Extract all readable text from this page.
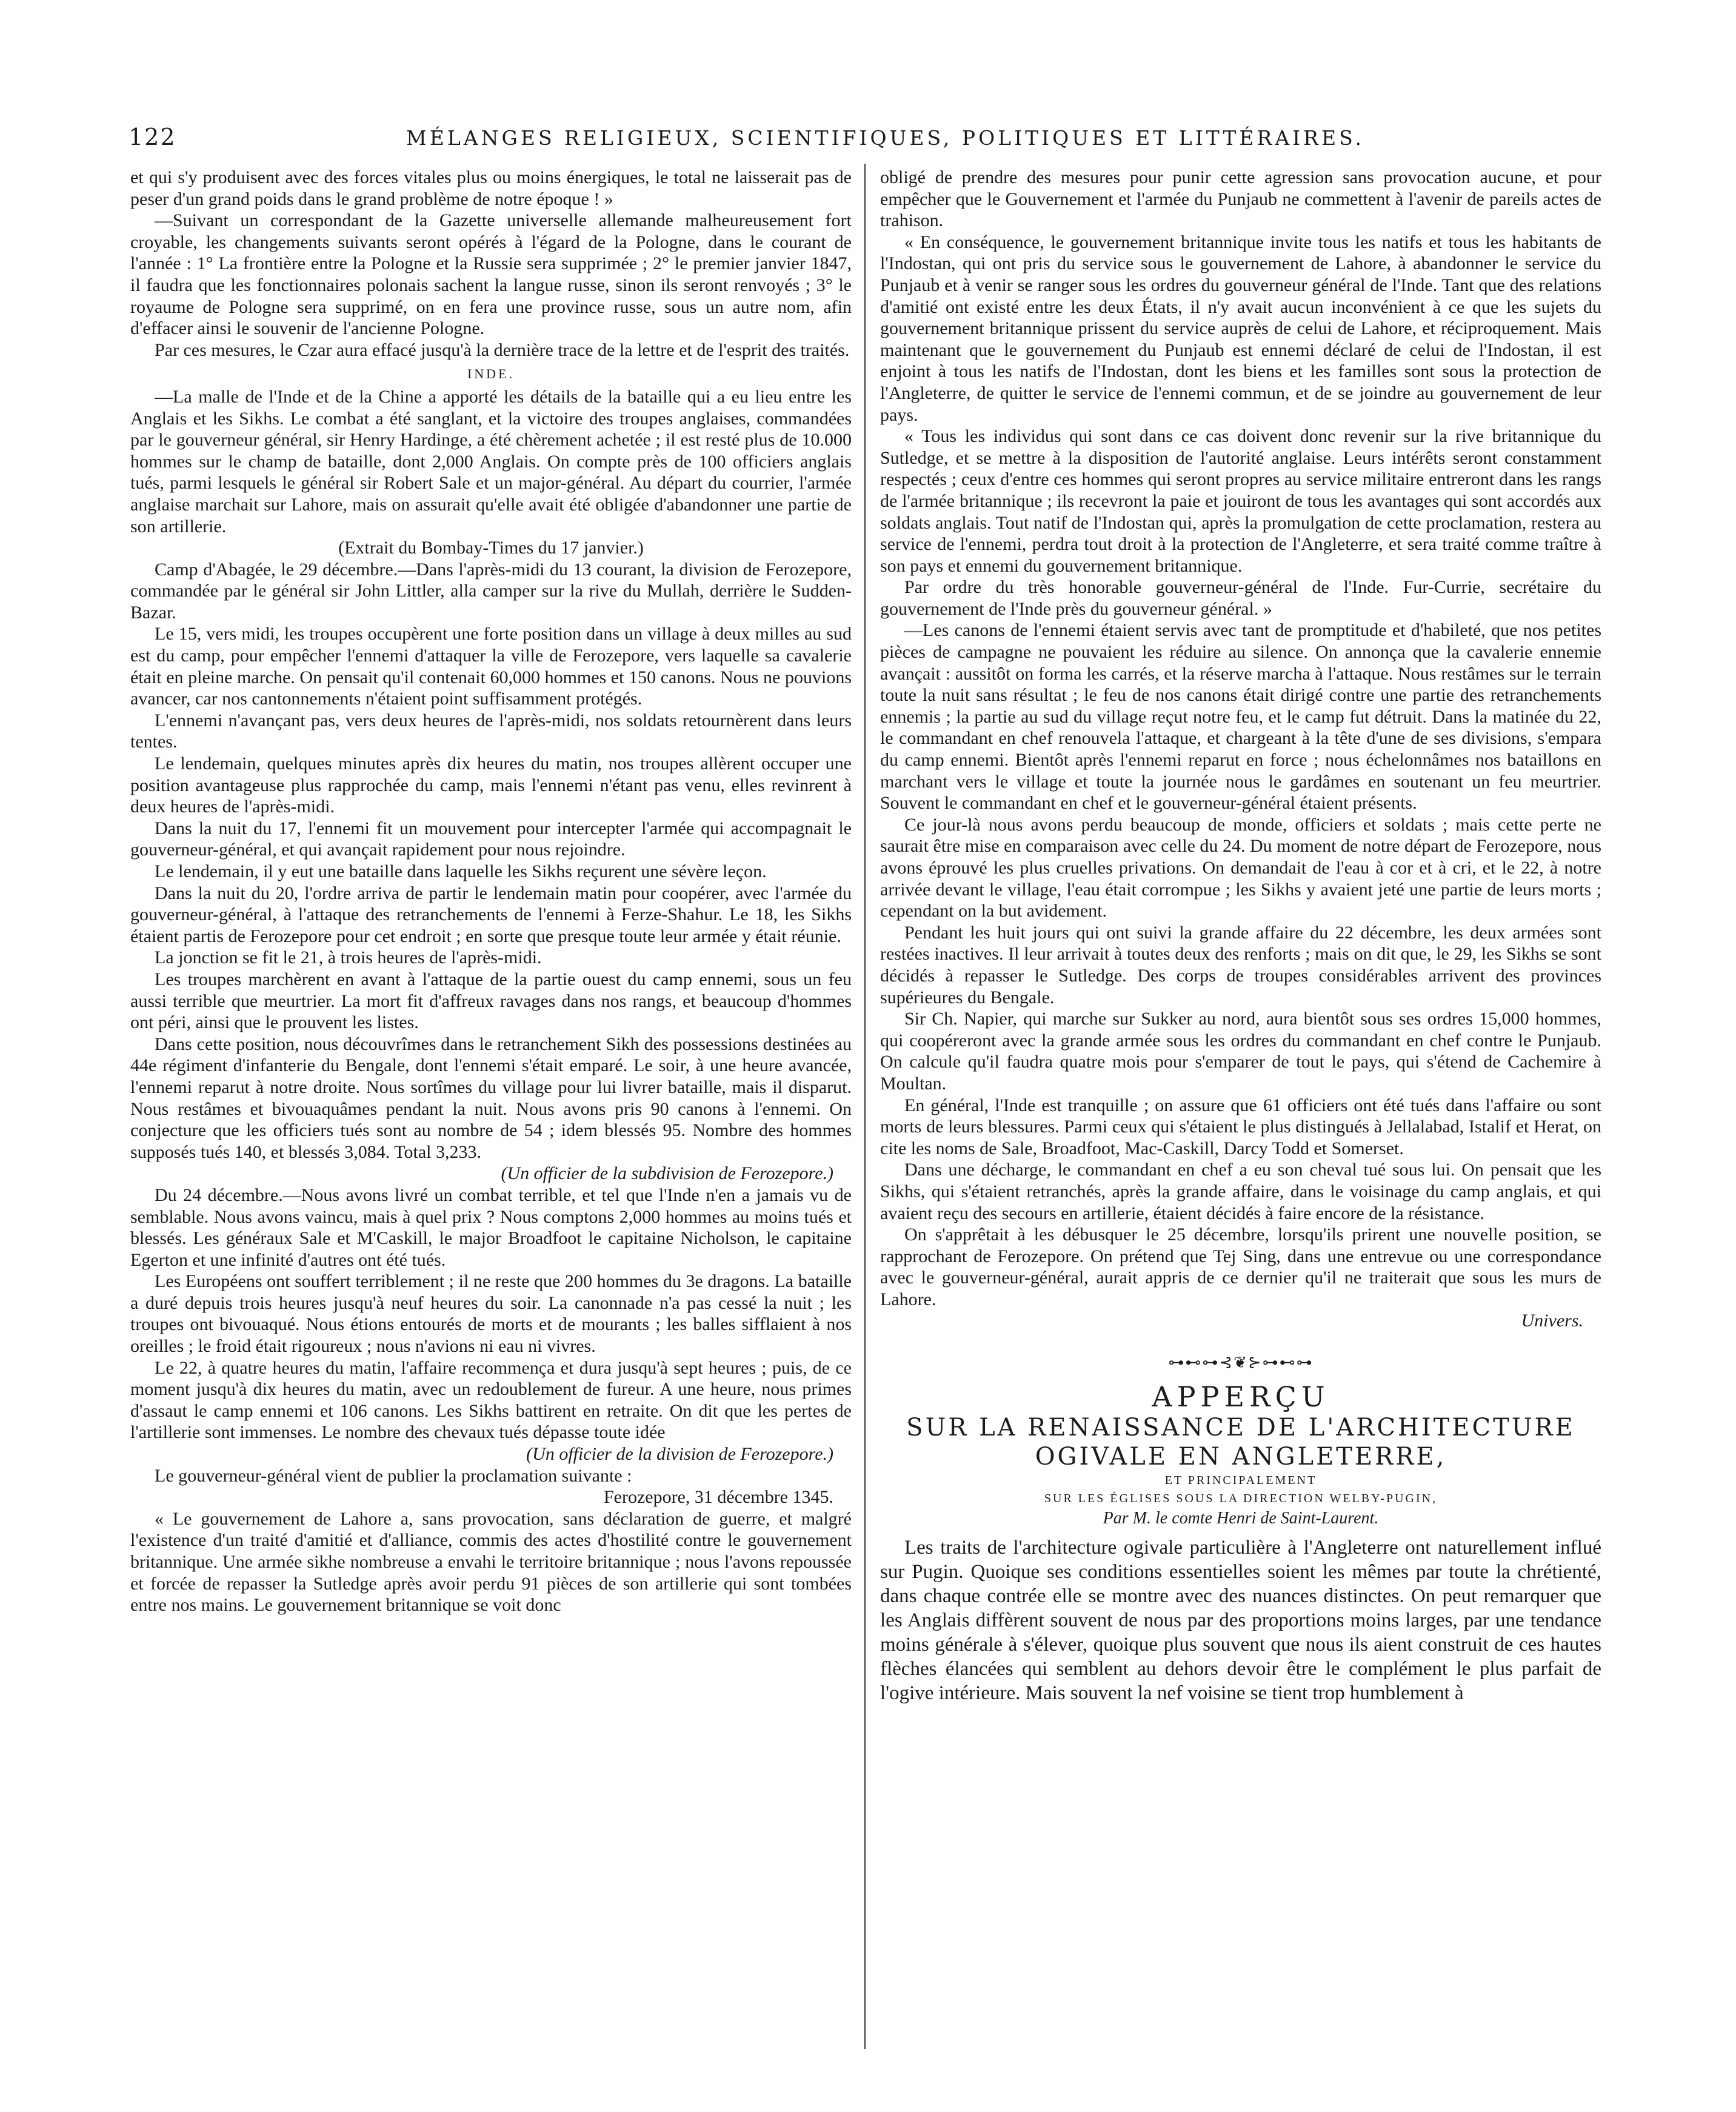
122	MÉLANGES RELIGIEUX, SCIENTIFIQUES, POLITIQUES ET LITTÉRAIRES.

et qui s'y produisent avec des forces vitales plus ou moins énergiques, le total ne laisserait pas de peser d'un grand poids dans le grand problème de notre époque ! »

—Suivant un correspondant de la Gazette universelle allemande malheureusement fort croyable, les changements suivants seront opérés à l'égard de la Pologne, dans le courant de l'année : 1° La frontière entre la Pologne et la Russie sera supprimée ; 2° le premier janvier 1847, il faudra que les fonctionnaires polonais sachent la langue russe, sinon ils seront renvoyés ; 3° le royaume de Pologne sera supprimé, on en fera une province russe, sous un autre nom, afin d'effacer ainsi le souvenir de l'ancienne Pologne.

Par ces mesures, le Czar aura effacé jusqu'à la dernière trace de la lettre et de l'esprit des traités.

INDE.

—La malle de l'Inde et de la Chine a apporté les détails de la bataille qui a eu lieu entre les Anglais et les Sikhs. Le combat a été sanglant, et la victoire des troupes anglaises, commandées par le gouverneur général, sir Henry Hardinge, a été chèrement achetée ; il est resté plus de 10.000 hommes sur le champ de bataille, dont 2,000 Anglais. On compte près de 100 officiers anglais tués, parmi lesquels le général sir Robert Sale et un major-général. Au départ du courrier, l'armée anglaise marchait sur Lahore, mais on assurait qu'elle avait été obligée d'abandonner une partie de son artillerie.

(Extrait du Bombay-Times du 17 janvier.)

Camp d'Abagée, le 29 décembre.—Dans l'après-midi du 13 courant, la division de Ferozepore, commandée par le général sir John Littler, alla camper sur la rive du Mullah, derrière le Sudden-Bazar.

Le 15, vers midi, les troupes occupèrent une forte position dans un village à deux milles au sud est du camp, pour empêcher l'ennemi d'attaquer la ville de Ferozepore, vers laquelle sa cavalerie était en pleine marche. On pensait qu'il contenait 60,000 hommes et 150 canons. Nous ne pouvions avancer, car nos cantonnements n'étaient point suffisamment protégés.

L'ennemi n'avançant pas, vers deux heures de l'après-midi, nos soldats retournèrent dans leurs tentes.

Le lendemain, quelques minutes après dix heures du matin, nos troupes allèrent occuper une position avantageuse plus rapprochée du camp, mais l'ennemi n'étant pas venu, elles revinrent à deux heures de l'après-midi.

Dans la nuit du 17, l'ennemi fit un mouvement pour intercepter l'armée qui accompagnait le gouverneur-général, et qui avançait rapidement pour nous rejoindre.

Le lendemain, il y eut une bataille dans laquelle les Sikhs reçurent une sévère leçon.

Dans la nuit du 20, l'ordre arriva de partir le lendemain matin pour coopérer, avec l'armée du gouverneur-général, à l'attaque des retranchements de l'ennemi à Ferze-Shahur. Le 18, les Sikhs étaient partis de Ferozepore pour cet endroit ; en sorte que presque toute leur armée y était réunie.

La jonction se fit le 21, à trois heures de l'après-midi.

Les troupes marchèrent en avant à l'attaque de la partie ouest du camp ennemi, sous un feu aussi terrible que meurtrier. La mort fit d'affreux ravages dans nos rangs, et beaucoup d'hommes ont péri, ainsi que le prouvent les listes.

Dans cette position, nous découvrîmes dans le retranchement Sikh des possessions destinées au 44e régiment d'infanterie du Bengale, dont l'ennemi s'était emparé. Le soir, à une heure avancée, l'ennemi reparut à notre droite. Nous sortîmes du village pour lui livrer bataille, mais il disparut. Nous restâmes et bivouaquâmes pendant la nuit. Nous avons pris 90 canons à l'ennemi. On conjecture que les officiers tués sont au nombre de 54 ; idem blessés 95. Nombre des hommes supposés tués 140, et blessés 3,084. Total 3,233.

(Un officier de la subdivision de Ferozepore.)

Du 24 décembre.—Nous avons livré un combat terrible, et tel que l'Inde n'en a jamais vu de semblable. Nous avons vaincu, mais à quel prix ? Nous comptons 2,000 hommes au moins tués et blessés. Les généraux Sale et M'Caskill, le major Broadfoot le capitaine Nicholson, le capitaine Egerton et une infinité d'autres ont été tués.

Les Européens ont souffert terriblement ; il ne reste que 200 hommes du 3e dragons. La bataille a duré depuis trois heures jusqu'à neuf heures du soir. La canonnade n'a pas cessé la nuit ; les troupes ont bivouaqué. Nous étions entourés de morts et de mourants ; les balles sifflaient à nos oreilles ; le froid était rigoureux ; nous n'avions ni eau ni vivres.

Le 22, à quatre heures du matin, l'affaire recommença et dura jusqu'à sept heures ; puis, de ce moment jusqu'à dix heures du matin, avec un redoublement de fureur. A une heure, nous primes d'assaut le camp ennemi et 106 canons. Les Sikhs battirent en retraite. On dit que les pertes de l'artillerie sont immenses. Le nombre des chevaux tués dépasse toute idée

(Un officier de la division de Ferozepore.)

Le gouverneur-général vient de publier la proclamation suivante :

Ferozepore, 31 décembre 1345.

« Le gouvernement de Lahore a, sans provocation, sans déclaration de guerre, et malgré l'existence d'un traité d'amitié et d'alliance, commis des actes d'hostilité contre le gouvernement britannique. Une armée sikhe nombreuse a envahi le territoire britannique ; nous l'avons repoussée et forcée de repasser la Sutledge après avoir perdu 91 pièces de son artillerie qui sont tombées entre nos mains. Le gouvernement britannique se voit donc

obligé de prendre des mesures pour punir cette agression sans provocation aucune, et pour empêcher que le Gouvernement et l'armée du Punjaub ne commettent à l'avenir de pareils actes de trahison.

« En conséquence, le gouvernement britannique invite tous les natifs et tous les habitants de l'Indostan, qui ont pris du service sous le gouvernement de Lahore, à abandonner le service du Punjaub et à venir se ranger sous les ordres du gouverneur général de l'Inde. Tant que des relations d'amitié ont existé entre les deux États, il n'y avait aucun inconvénient à ce que les sujets du gouvernement britannique prissent du service auprès de celui de Lahore, et réciproquement. Mais maintenant que le gouvernement du Punjaub est ennemi déclaré de celui de l'Indostan, il est enjoint à tous les natifs de l'Indostan, dont les biens et les familles sont sous la protection de l'Angleterre, de quitter le service de l'ennemi commun, et de se joindre au gouvernement de leur pays.

« Tous les individus qui sont dans ce cas doivent donc revenir sur la rive britannique du Sutledge, et se mettre à la disposition de l'autorité anglaise. Leurs intérêts seront constamment respectés ; ceux d'entre ces hommes qui seront propres au service militaire entreront dans les rangs de l'armée britannique ; ils recevront la paie et jouiront de tous les avantages qui sont accordés aux soldats anglais. Tout natif de l'Indostan qui, après la promulgation de cette proclamation, restera au service de l'ennemi, perdra tout droit à la protection de l'Angleterre, et sera traité comme traître à son pays et ennemi du gouvernement britannique.

Par ordre du très honorable gouverneur-général de l'Inde. Fur-Currie, secrétaire du gouvernement de l'Inde près du gouverneur général. »

—Les canons de l'ennemi étaient servis avec tant de promptitude et d'habileté, que nos petites pièces de campagne ne pouvaient les réduire au silence. On annonça que la cavalerie ennemie avançait : aussitôt on forma les carrés, et la réserve marcha à l'attaque. Nous restâmes sur le terrain toute la nuit sans résultat ; le feu de nos canons était dirigé contre une partie des retranchements ennemis ; la partie au sud du village reçut notre feu, et le camp fut détruit. Dans la matinée du 22, le commandant en chef renouvela l'attaque, et chargeant à la tête d'une de ses divisions, s'empara du camp ennemi. Bientôt après l'ennemi reparut en force ; nous échelonnâmes nos bataillons en marchant vers le village et toute la journée nous le gardâmes en soutenant un feu meurtrier. Souvent le commandant en chef et le gouverneur-général étaient présents.

Ce jour-là nous avons perdu beaucoup de monde, officiers et soldats ; mais cette perte ne saurait être mise en comparaison avec celle du 24. Du moment de notre départ de Ferozepore, nous avons éprouvé les plus cruelles privations. On demandait de l'eau à cor et à cri, et le 22, à notre arrivée devant le village, l'eau était corrompue ; les Sikhs y avaient jeté une partie de leurs morts ; cependant on la but avidement.

Pendant les huit jours qui ont suivi la grande affaire du 22 décembre, les deux armées sont restées inactives. Il leur arrivait à toutes deux des renforts ; mais on dit que, le 29, les Sikhs se sont décidés à repasser le Sutledge. Des corps de troupes considérables arrivent des provinces supérieures du Bengale.

Sir Ch. Napier, qui marche sur Sukker au nord, aura bientôt sous ses ordres 15,000 hommes, qui coopéreront avec la grande armée sous les ordres du commandant en chef contre le Punjaub. On calcule qu'il faudra quatre mois pour s'emparer de tout le pays, qui s'étend de Cachemire à Moultan.

En général, l'Inde est tranquille ; on assure que 61 officiers ont été tués dans l'affaire ou sont morts de leurs blessures. Parmi ceux qui s'étaient le plus distingués à Jellalabad, Istalif et Herat, on cite les noms de Sale, Broadfoot, Mac-Caskill, Darcy Todd et Somerset.

Dans une décharge, le commandant en chef a eu son cheval tué sous lui. On pensait que les Sikhs, qui s'étaient retranchés, après la grande affaire, dans le voisinage du camp anglais, et qui avaient reçu des secours en artillerie, étaient décidés à faire encore de la résistance.

On s'apprêtait à les débusquer le 25 décembre, lorsqu'ils prirent une nouvelle position, se rapprochant de Ferozepore. On prétend que Tej Sing, dans une entrevue ou une correspondance avec le gouverneur-général, aurait appris de ce dernier qu'il ne traiterait que sous les murs de Lahore.

Univers.

⊶⊷⊶⊰❦⊱⊶⊷⊶

APPERÇU

SUR LA RENAISSANCE DE L'ARCHITECTURE

OGIVALE EN ANGLETERRE,

ET PRINCIPALEMENT

SUR LES ÉGLISES SOUS LA DIRECTION WELBY-PUGIN,

Par M. le comte Henri de Saint-Laurent.

Les traits de l'architecture ogivale particulière à l'Angleterre ont naturellement influé sur Pugin. Quoique ses conditions essentielles soient les mêmes par toute la chrétienté, dans chaque contrée elle se montre avec des nuances distinctes. On peut remarquer que les Anglais diffèrent souvent de nous par des proportions moins larges, par une tendance moins générale à s'élever, quoique plus souvent que nous ils aient construit de ces hautes flèches élancées qui semblent au dehors devoir être le complément le plus parfait de l'ogive intérieure. Mais souvent la nef voisine se tient trop humblement à
